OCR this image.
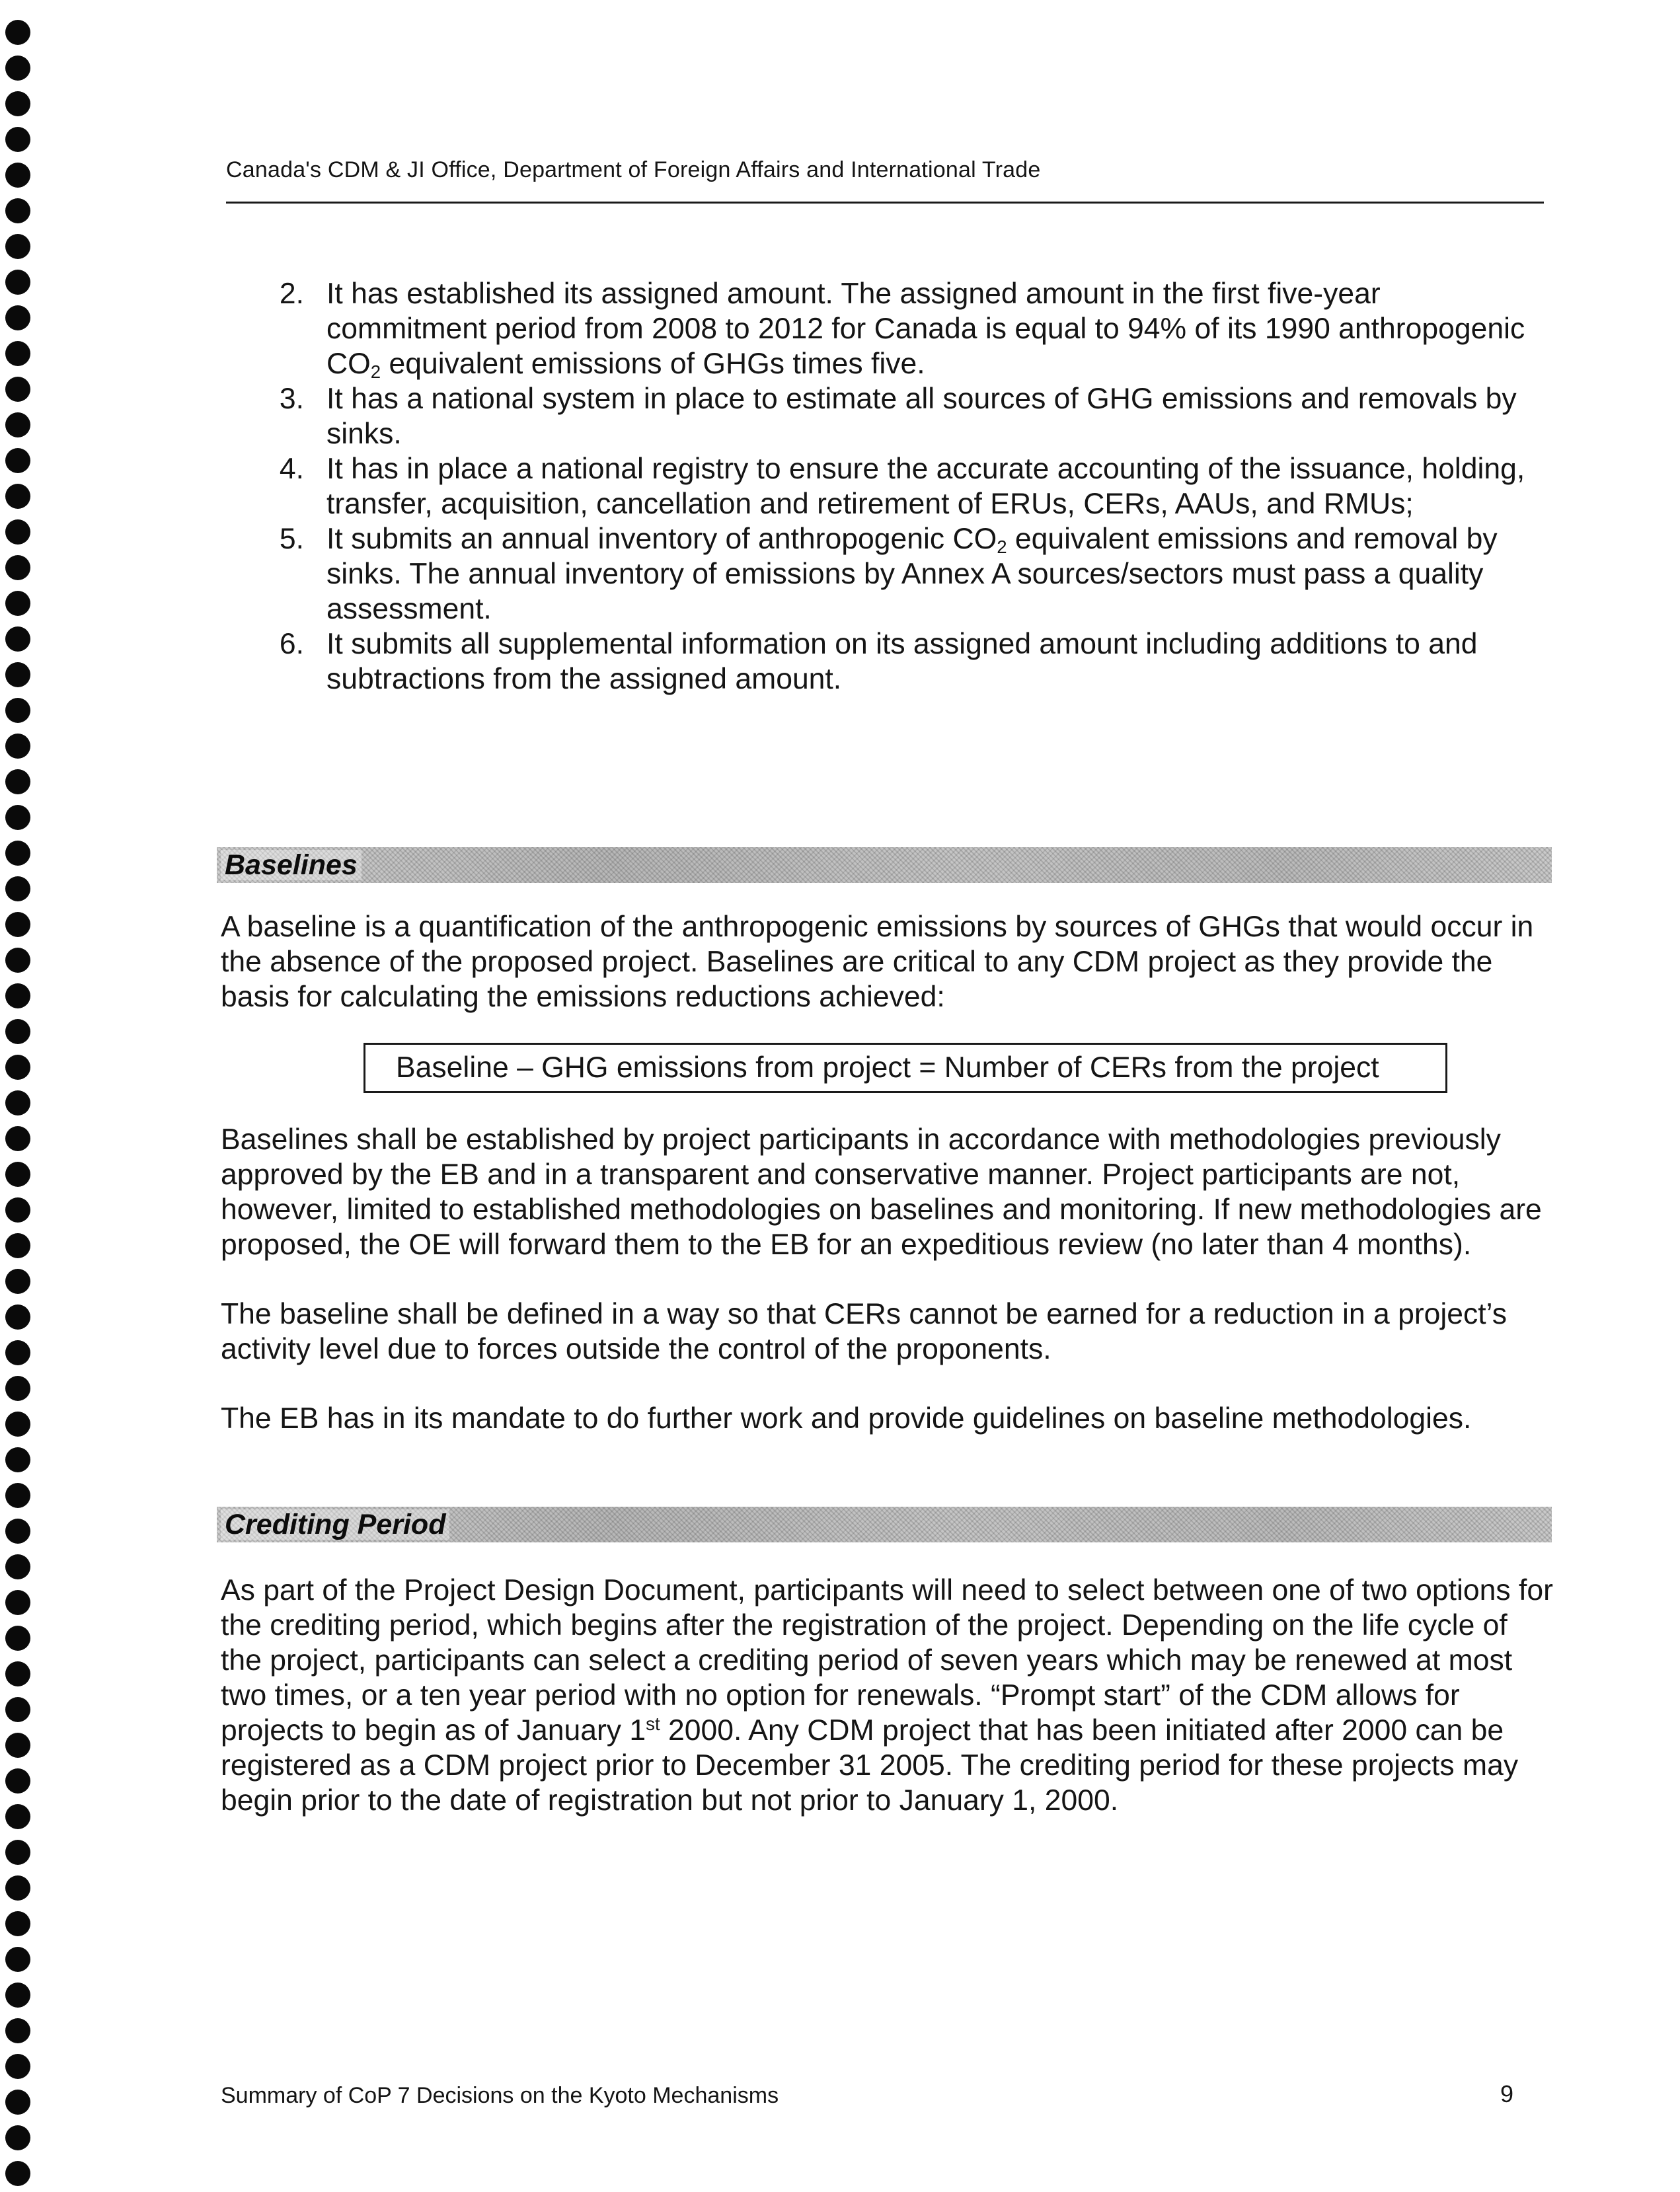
Canada's CDM & JI Office, Department of Foreign Affairs and International Trade
2. It has established its assigned amount. The assigned amount in the first five-year commitment period from 2008 to 2012 for Canada is equal to 94% of its 1990 anthropogenic $CO_2$ equivalent emissions of GHGs times five.
3. It has a national system in place to estimate all sources of GHG emissions and removals by sinks.
4. It has in place a national registry to ensure the accurate accounting of the issuance, holding, transfer, acquisition, cancellation and retirement of ERUs, CERs, AAUs, and RMUs;
5. It submits an annual inventory of anthropogenic $CO_2$ equivalent emissions and removal by sinks. The annual inventory of emissions by Annex A sources/sectors must pass a quality assessment.
6. It submits all supplemental information on its assigned amount including additions to and subtractions from the assigned amount.
Baselines
A baseline is a quantification of the anthropogenic emissions by sources of GHGs that would occur in the absence of the proposed project. Baselines are critical to any CDM project as they provide the basis for calculating the emissions reductions achieved:
Baseline – GHG emissions from project = Number of CERs from the project
Baselines shall be established by project participants in accordance with methodologies previously approved by the EB and in a transparent and conservative manner. Project participants are not, however, limited to established methodologies on baselines and monitoring. If new methodologies are proposed, the OE will forward them to the EB for an expeditious review (no later than 4 months).
The baseline shall be defined in a way so that CERs cannot be earned for a reduction in a project’s activity level due to forces outside the control of the proponents.
The EB has in its mandate to do further work and provide guidelines on baseline methodologies.
Crediting Period
As part of the Project Design Document, participants will need to select between one of two options for the crediting period, which begins after the registration of the project. Depending on the life cycle of the project, participants can select a crediting period of seven years which may be renewed at most two times, or a ten year period with no option for renewals. “Prompt start” of the CDM allows for projects to begin as of January 1st 2000. Any CDM project that has been initiated after 2000 can be registered as a CDM project prior to December 31 2005. The crediting period for these projects may begin prior to the date of registration but not prior to January 1, 2000.
Summary of CoP 7 Decisions on the Kyoto Mechanisms	9
